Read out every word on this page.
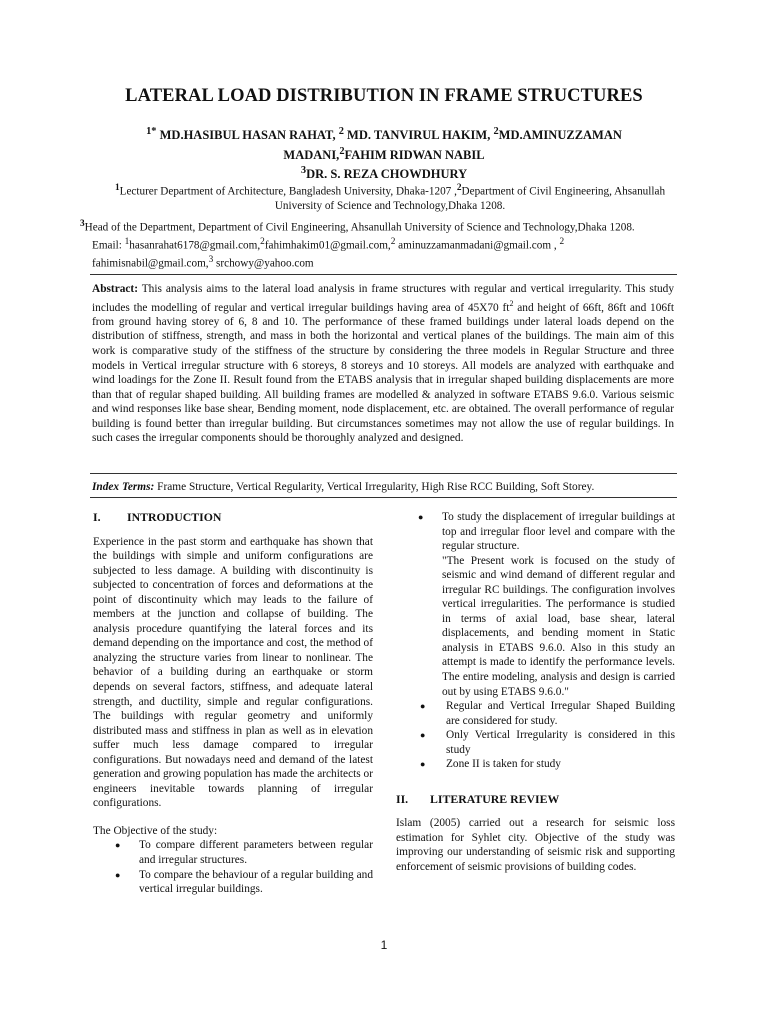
LATERAL LOAD DISTRIBUTION IN FRAME STRUCTURES
$^{1*}$ MD.HASIBUL HASAN RAHAT, $^2$ MD. TANVIRUL HAKIM, $^2$MD.AMINUZZAMAN
MADANI,$^2$FAHIM RIDWAN NABIL
$^3$DR. S. REZA CHOWDHURY
$^1$Lecturer Department of Architecture, Bangladesh University, Dhaka-1207 ,$^2$Department of Civil Engineering, Ahsanullah
University of Science and Technology,Dhaka 1208.
$^3$Head of the Department, Department of Civil Engineering, Ahsanullah University of Science and Technology,Dhaka 1208.
Email: $^1$hasanrahat6178@gmail.com,$^2$fahimhakim01@gmail.com,$^2$ aminuzzamanmadani@gmail.com , $^2$
fahimisnabil@gmail.com,$^3$ srchowy@yahoo.com
Abstract: This analysis aims to the lateral load analysis in frame structures with regular and vertical irregularity. This study includes the modelling of regular and vertical irregular buildings having area of 45X70 $ft^2$ and height of 66ft, 86ft and 106ft from ground having storey of 6, 8 and 10. The performance of these framed buildings under lateral loads depend on the distribution of stiffness, strength, and mass in both the horizontal and vertical planes of the buildings. The main aim of this work is comparative study of the stiffness of the structure by considering the three models in Regular Structure and three models in Vertical irregular structure with 6 storeys, 8 storeys and 10 storeys. All models are analyzed with earthquake and wind loadings for the Zone II. Result found from the ETABS analysis that in irregular shaped building displacements are more than that of regular shaped building. All building frames are modelled & analyzed in software ETABS 9.6.0. Various seismic and wind responses like base shear, Bending moment, node displacement, etc. are obtained. The overall performance of regular building is found better than irregular building. But circumstances sometimes may not allow the use of regular buildings. In such cases the irregular components should be thoroughly analyzed and designed.
Index Terms: Frame Structure, Vertical Regularity, Vertical Irregularity, High Rise RCC Building, Soft Storey.
I. INTRODUCTION

Experience in the past storm and earthquake has shown that the buildings with simple and uniform configurations are subjected to less damage. A building with discontinuity is subjected to concentration of forces and deformations at the point of discontinuity which may leads to the failure of members at the junction and collapse of building. The analysis procedure quantifying the lateral forces and its demand depending on the importance and cost, the method of analyzing the structure varies from linear to nonlinear. The behavior of a building during an earthquake or storm depends on several factors, stiffness, and adequate lateral strength, and ductility, simple and regular configurations. The buildings with regular geometry and uniformly distributed mass and stiffness in plan as well as in elevation suffer much less damage compared to irregular configurations. But nowadays need and demand of the latest generation and growing population has made the architects or engineers inevitable towards planning of irregular configurations.

The Objective of the study:
● To compare different parameters between regular and irregular structures.
● To compare the behaviour of a regular building and vertical irregular buildings.
● To study the displacement of irregular buildings at top and irregular floor level and compare with the regular structure.
"The Present work is focused on the study of seismic and wind demand of different regular and irregular RC buildings. The configuration involves vertical irregularities. The performance is studied in terms of axial load, base shear, lateral displacements, and bending moment in Static analysis in ETABS 9.6.0. Also in this study an attempt is made to identify the performance levels. The entire modeling, analysis and design is carried out by using ETABS 9.6.0."
● Regular and Vertical Irregular Shaped Building are considered for study.
● Only Vertical Irregularity is considered in this study
● Zone II is taken for study
II. LITERATURE REVIEW

Islam (2005) carried out a research for seismic loss estimation for Syhlet city. Objective of the study was improving our understanding of seismic risk and supporting enforcement of seismic provisions of building codes.

1
